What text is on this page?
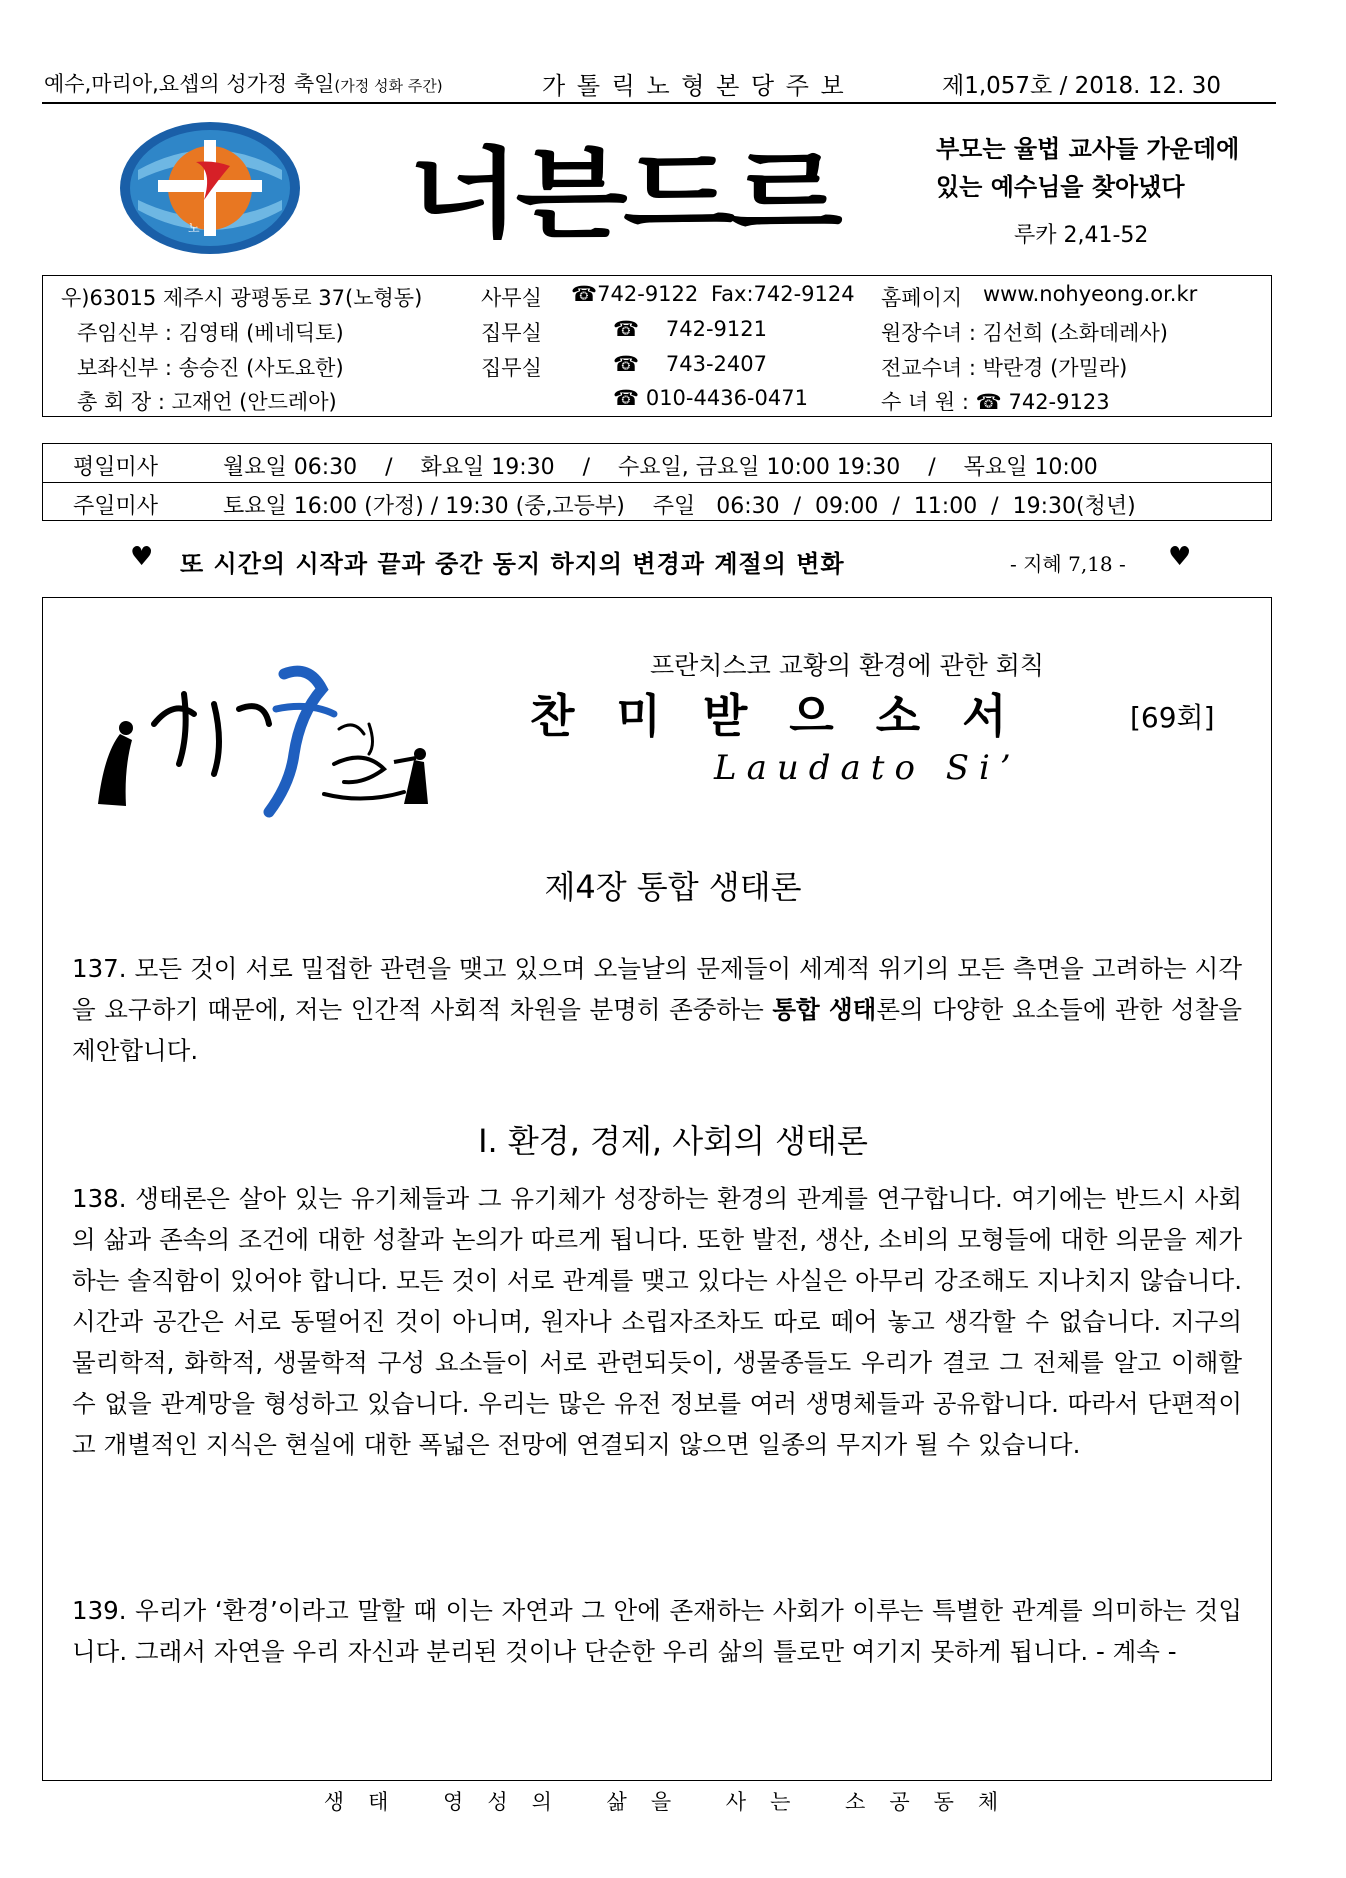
예수,마리아,요셉의 성가정 축일(가정 성화 주간)	가 톨 릭 노 형 본 당 주 보	제1,057호 / 2018. 12. 30
노 형 너븐드르	부모는 율법 교사들 가운데에 있는 예수님을 찾아냈다
루카 2,41-52
우)63015 제주시 광평동로 37(노형동)	사무실 ☎742-9122 Fax:742-9124 홈페이지 www.nohyeong.or.kr
주임신부 : 김영태 (베네딕토)	집무실	☎    742-9121	원장수녀 : 김선희 (소화데레사)
보좌신부 : 송승진 (사도요한)	집무실	☎    743-2407	전교수녀 : 박란경 (가밀라)
총 회 장 : 고재언 (안드레아)	☎ 010-4436-0471	수 녀 원 : ☎ 742-9123
평일미사	월요일 06:30    /    화요일 19:30    /    수요일, 금요일 10:00 19:30    /    목요일 10:00
주일미사	토요일 16:00 (가정) / 19:30 (중,고등부)    주일   06:30  /  09:00  /  11:00  /  19:30(청년)
♥ 또 시간의 시작과 끝과 중간 동지 하지의 변경과 계절의 변화	- 지혜 7,18 - ♥
새해 복 많이 받으세요	프란치스코 교황의 환경에 관한 회칙
찬미받으소서	[69회]
Laudato Si’
제4장 통합 생태론
137. 모든 것이 서로 밀접한 관련을 맺고 있으며 오늘날의 문제들이 세계적 위기의 모든 측면을 고려하는 시각을 요구하기 때문에, 저는 인간적 사회적 차원을 분명히 존중하는 통합 생태론의 다양한 요소들에 관한 성찰을 제안합니다.
Ⅰ. 환경, 경제, 사회의 생태론
138. 생태론은 살아 있는 유기체들과 그 유기체가 성장하는 환경의 관계를 연구합니다. 여기에는 반드시 사회의 삶과 존속의 조건에 대한 성찰과 논의가 따르게 됩니다. 또한 발전, 생산, 소비의 모형들에 대한 의문을 제가하는 솔직함이 있어야 합니다. 모든 것이 서로 관계를 맺고 있다는 사실은 아무리 강조해도 지나치지 않습니다. 시간과 공간은 서로 동떨어진 것이 아니며, 원자나 소립자조차도 따로 떼어 놓고 생각할 수 없습니다. 지구의 물리학적, 화학적, 생물학적 구성 요소들이 서로 관련되듯이, 생물종들도 우리가 결코 그 전체를 알고 이해할 수 없을 관계망을 형성하고 있습니다. 우리는 많은 유전 정보를 여러 생명체들과 공유합니다. 따라서 단편적이고 개별적인 지식은 현실에 대한 폭넓은 전망에 연결되지 않으면 일종의 무지가 될 수 있습니다.
139. 우리가 ‘환경’이라고 말할 때 이는 자연과 그 안에 존재하는 사회가 이루는 특별한 관계를 의미하는 것입니다. 그래서 자연을 우리 자신과 분리된 것이나 단순한 우리 삶의 틀로만 여기지 못하게 됩니다. - 계속 -
생태 영성의 삶을 사는 소공동체
